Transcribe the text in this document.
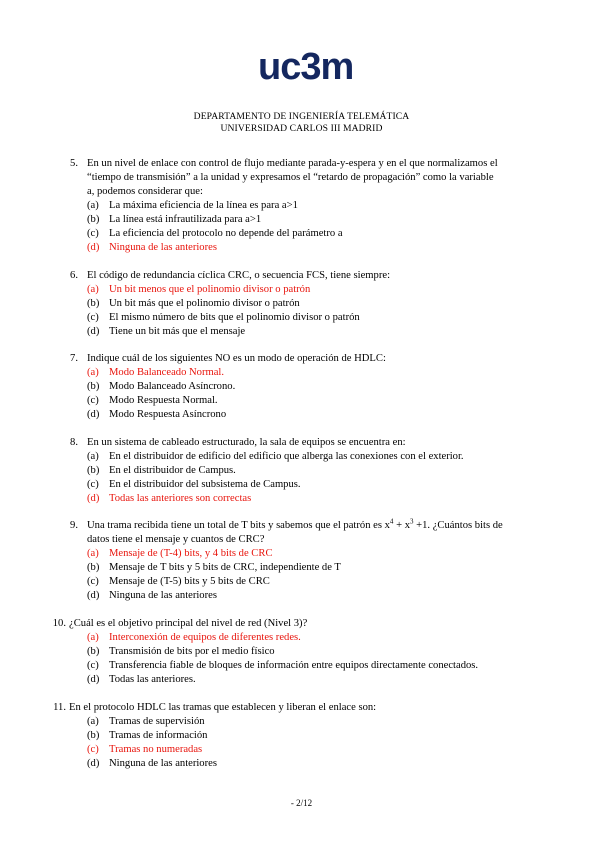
uc3m
DEPARTAMENTO DE INGENIERÍA TELEMÁTICA
UNIVERSIDAD CARLOS III MADRID
5. En un nivel de enlace con control de flujo mediante parada-y-espera y en el que normalizamos el
“tiempo de transmisión” a la unidad y expresamos el “retardo de propagación” como la variable
a, podemos considerar que:
(a) La máxima eficiencia de la línea es para a>1
(b) La línea está infrautilizada para a>1
(c) La eficiencia del protocolo no depende del parámetro a
(d) Ninguna de las anteriores
6. El código de redundancia cíclica CRC, o secuencia FCS, tiene siempre:
(a) Un bit menos que el polinomio divisor o patrón
(b) Un bit más que el polinomio divisor o patrón
(c) El mismo número de bits que el polinomio divisor o patrón
(d) Tiene un bit más que el mensaje
7. Indique cuál de los siguientes NO es un modo de operación de HDLC:
(a) Modo Balanceado Normal.
(b) Modo Balanceado Asíncrono.
(c) Modo Respuesta Normal.
(d) Modo Respuesta Asíncrono
8. En un sistema de cableado estructurado, la sala de equipos se encuentra en:
(a) En el distribuidor de edificio del edificio que alberga las conexiones con el exterior.
(b) En el distribuidor de Campus.
(c) En el distribuidor del subsistema de Campus.
(d) Todas las anteriores son correctas
9. Una trama recibida tiene un total de T bits y sabemos que el patrón es $x^4 + x^3 +1$. ¿Cuántos bits de
datos tiene el mensaje y cuantos de CRC?
(a) Mensaje de (T-4) bits, y 4 bits de CRC
(b) Mensaje de T bits y 5 bits de CRC, independiente de T
(c) Mensaje de (T-5) bits y 5 bits de CRC
(d) Ninguna de las anteriores
10. ¿Cuál es el objetivo principal del nivel de red (Nivel 3)?
(a) Interconexión de equipos de diferentes redes.
(b) Transmisión de bits por el medio físico
(c) Transferencia fiable de bloques de información entre equipos directamente conectados.
(d) Todas las anteriores.
11. En el protocolo HDLC las tramas que establecen y liberan el enlace son:
(a) Tramas de supervisión
(b) Tramas de información
(c) Tramas no numeradas
(d) Ninguna de las anteriores
- 2/12
